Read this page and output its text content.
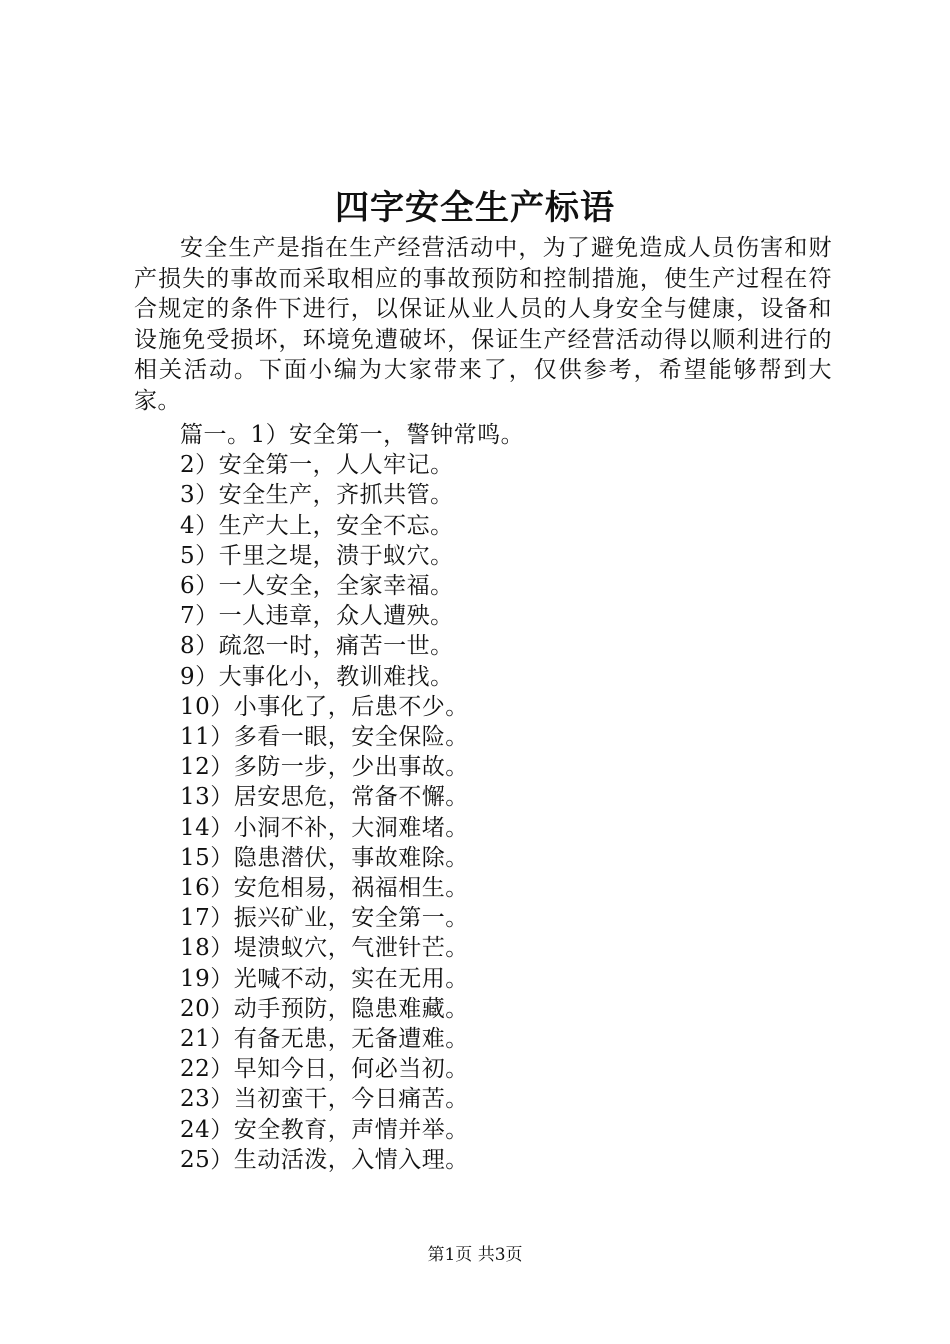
四字安全生产标语

安全生产是指在生产经营活动中，为了避免造成人员伤害和财产损失的事故而采取相应的事故预防和控制措施，使生产过程在符合规定的条件下进行，以保证从业人员的人身安全与健康，设备和设施免受损坏，环境免遭破坏，保证生产经营活动得以顺利进行的相关活动。下面小编为大家带来了，仅供参考，希望能够帮到大家。

篇一。1）安全第一，警钟常鸣。
2）安全第一，人人牢记。
3）安全生产，齐抓共管。
4）生产大上，安全不忘。
5）千里之堤，溃于蚁穴。
6）一人安全，全家幸福。
7）一人违章，众人遭殃。
8）疏忽一时，痛苦一世。
9）大事化小，教训难找。
10）小事化了，后患不少。
11）多看一眼，安全保险。
12）多防一步，少出事故。
13）居安思危，常备不懈。
14）小洞不补，大洞难堵。
15）隐患潜伏，事故难除。
16）安危相易，祸福相生。
17）振兴矿业，安全第一。
18）堤溃蚁穴，气泄针芒。
19）光喊不动，实在无用。
20）动手预防，隐患难藏。
21）有备无患，无备遭难。
22）早知今日，何必当初。
23）当初蛮干，今日痛苦。
24）安全教育，声情并举。
25）生动活泼，入情入理。
第1页 共3页
